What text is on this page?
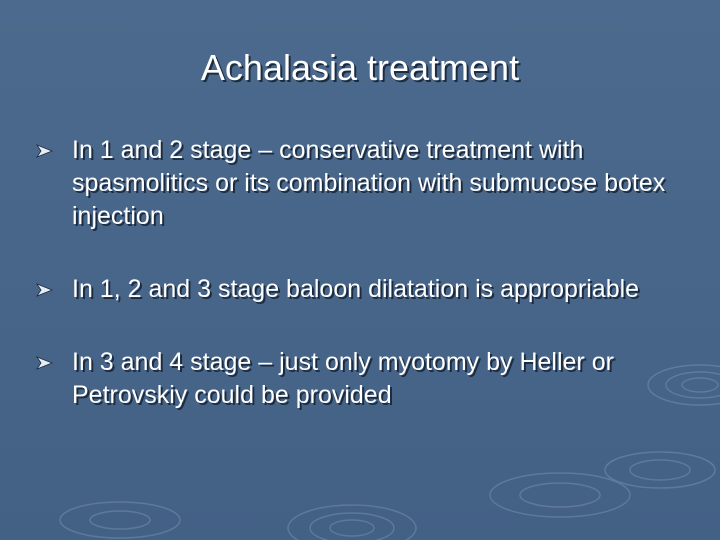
Achalasia treatment
In 1 and 2 stage – conservative treatment with spasmolitics or its combination with submucose botex injection
In 1, 2 and 3 stage baloon dilatation is appropriable
In 3 and 4 stage – just only myotomy by Heller or Petrovskiy could be provided
